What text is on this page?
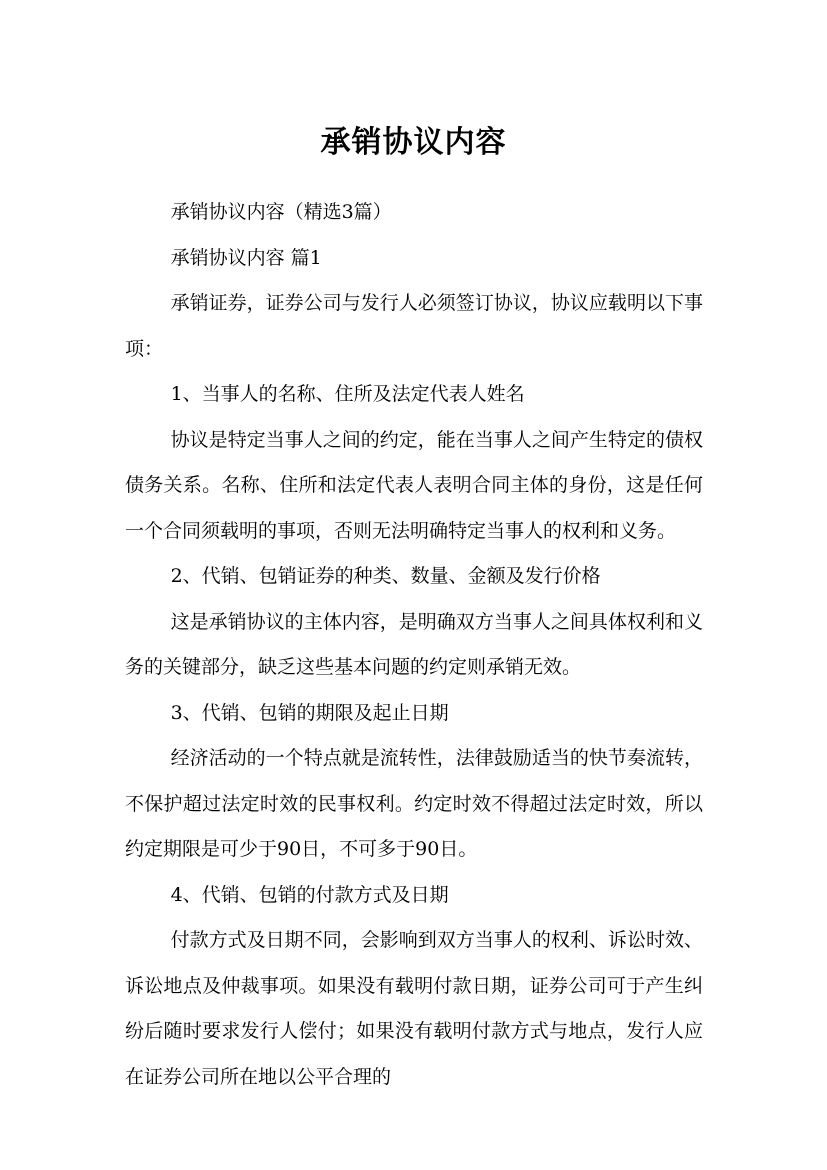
承销协议内容

承销协议内容（精选3篇）

承销协议内容 篇1

承销证券，证券公司与发行人必须签订协议，协议应载明以下事项：

1、当事人的名称、住所及法定代表人姓名

协议是特定当事人之间的约定，能在当事人之间产生特定的债权债务关系。名称、住所和法定代表人表明合同主体的身份，这是任何一个合同须载明的事项，否则无法明确特定当事人的权利和义务。

2、代销、包销证券的种类、数量、金额及发行价格

这是承销协议的主体内容，是明确双方当事人之间具体权利和义务的关键部分，缺乏这些基本问题的约定则承销无效。

3、代销、包销的期限及起止日期

经济活动的一个特点就是流转性，法律鼓励适当的快节奏流转，不保护超过法定时效的民事权利。约定时效不得超过法定时效，所以约定期限是可少于90日，不可多于90日。

4、代销、包销的付款方式及日期

付款方式及日期不同，会影响到双方当事人的权利、诉讼时效、诉讼地点及仲裁事项。如果没有载明付款日期，证券公司可于产生纠纷后随时要求发行人偿付；如果没有载明付款方式与地点，发行人应在证券公司所在地以公平合理的
